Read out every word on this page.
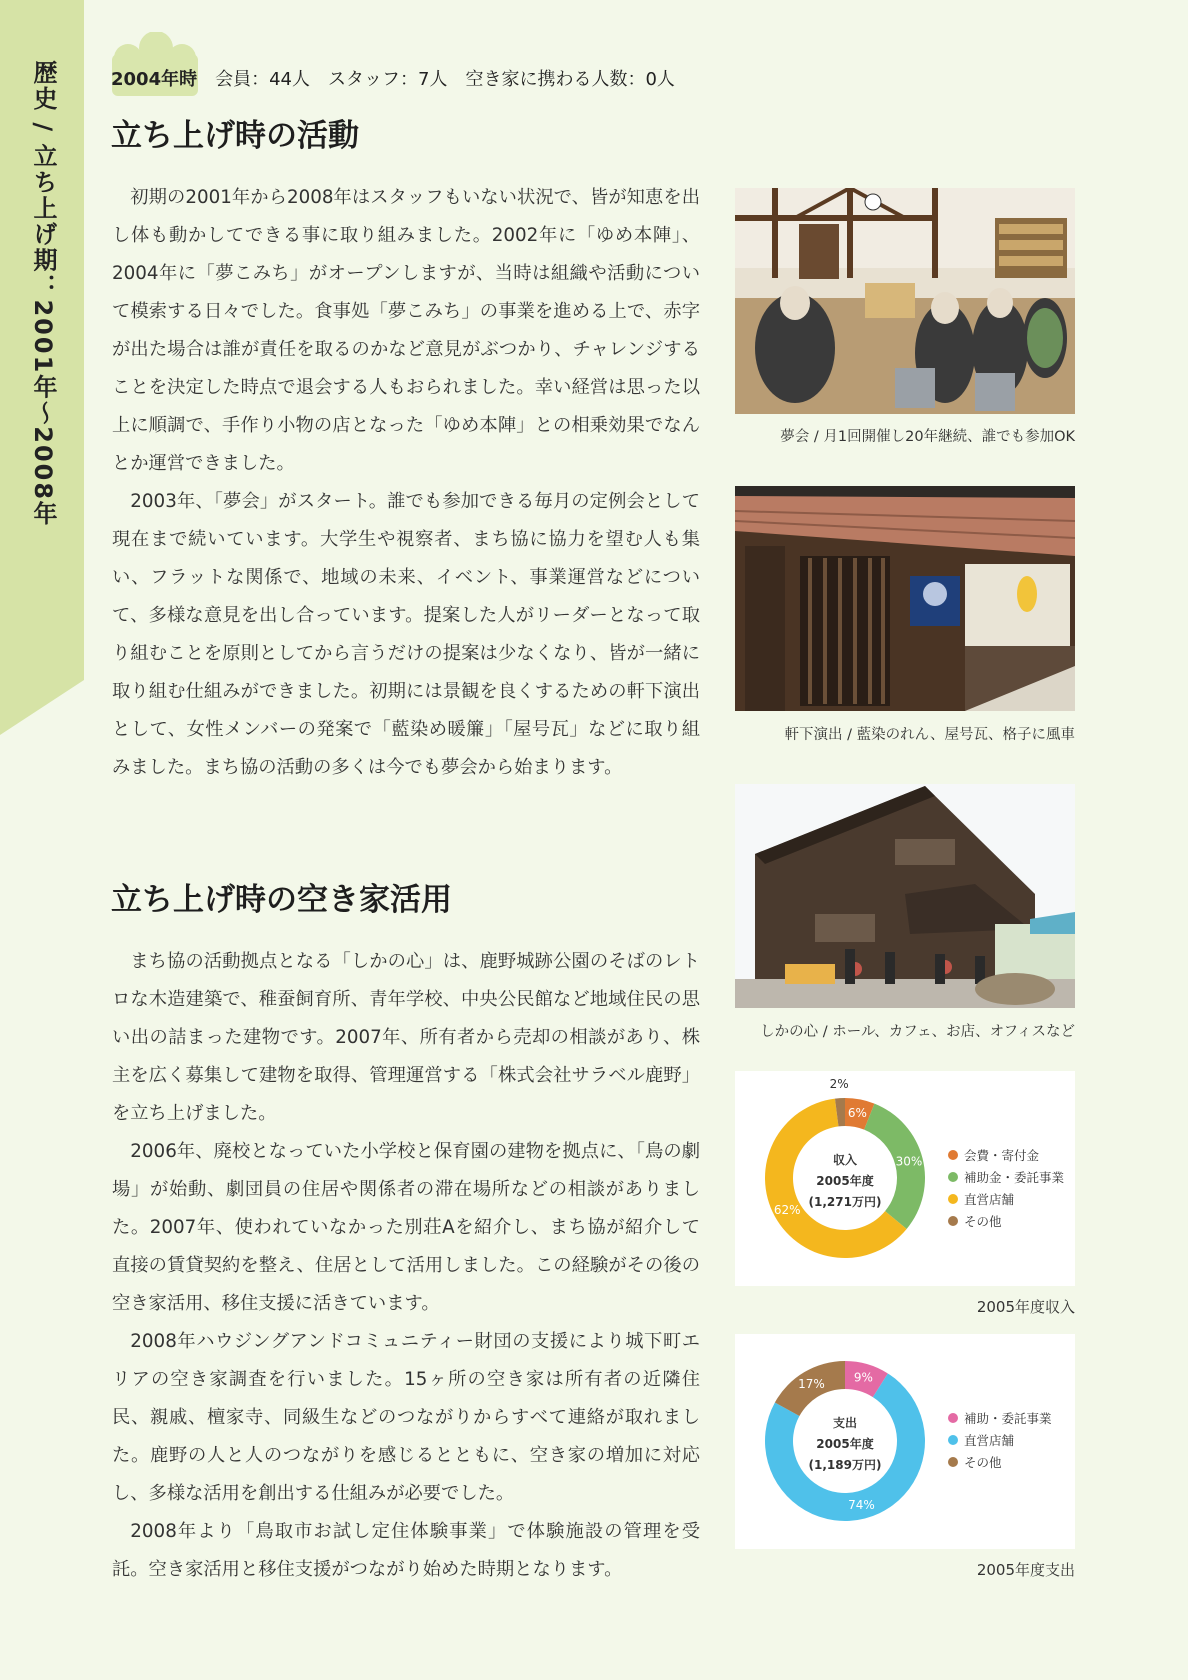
歴史 / 立ち上げ期：2001年〜2008年	2004年時　 会員：44人　 スタッフ：7人　 空き家に携わる人数：0人
立ち上げ時の活動

初期の2001年から2008年はスタッフもいない状況で、皆が知恵を出し体も動かしてできる事に取り組みました。2002年に「ゆめ本陣」、2004年に「夢こみち」がオープンしますが、当時は組織や活動について模索する日々でした。食事処「夢こみち」の事業を進める上で、赤字が出た場合は誰が責任を取るのかなど意見がぶつかり、チャレンジすることを決定した時点で退会する人もおられました。幸い経営は思った以上に順調で、手作り小物の店となった「ゆめ本陣」との相乗効果でなんとか運営できました。

2003年、「夢会」がスタート。誰でも参加できる毎月の定例会として現在まで続いています。大学生や視察者、まち協に協力を望む人も集い、フラットな関係で、地域の未来、イベント、事業運営などについて、多様な意見を出し合っています。提案した人がリーダーとなって取り組むことを原則としてから言うだけの提案は少なくなり、皆が一緒に取り組む仕組みができました。初期には景観を良くするための軒下演出として、女性メンバーの発案で「藍染め暖簾」「屋号瓦」などに取り組みました。まち協の活動の多くは今でも夢会から始まります。

立ち上げ時の空き家活用

まち協の活動拠点となる「しかの心」は、鹿野城跡公園のそばのレトロな木造建築で、稚蚕飼育所、青年学校、中央公民館など地域住民の思い出の詰まった建物です。2007年、所有者から売却の相談があり、株主を広く募集して建物を取得、管理運営する「株式会社サラベル鹿野」を立ち上げました。

2006年、廃校となっていた小学校と保育園の建物を拠点に、「鳥の劇場」が始動、劇団員の住居や関係者の滞在場所などの相談がありました。2007年、使われていなかった別荘Aを紹介し、まち協が紹介して直接の賃貸契約を整え、住居として活用しました。この経験がその後の空き家活用、移住支援に活きています。

2008年ハウジングアンドコミュニティー財団の支援により城下町エリアの空き家調査を行いました。15ヶ所の空き家は所有者の近隣住民、親戚、檀家寺、同級生などのつながりからすべて連絡が取れました。鹿野の人と人のつながりを感じるとともに、空き家の増加に対応し、多様な活用を創出する仕組みが必要でした。

2008年より「鳥取市お試し定住体験事業」で体験施設の管理を受託。空き家活用と移住支援がつながり始めた時期となります。

夢会 / 月1回開催し20年継続、誰でも参加OK
軒下演出 / 藍染のれん、屋号瓦、格子に風車
しかの心 / ホール、カフェ、お店、オフィスなど
6%
30%
62%
2%
収入
2005年度
(1,271万円)
会費・寄付金
補助金・委託事業
直営店舗
その他
2005年度収入
9%
74%
17%
支出
2005年度
(1,189万円)
補助・委託事業
直営店舗
その他
2005年度支出
